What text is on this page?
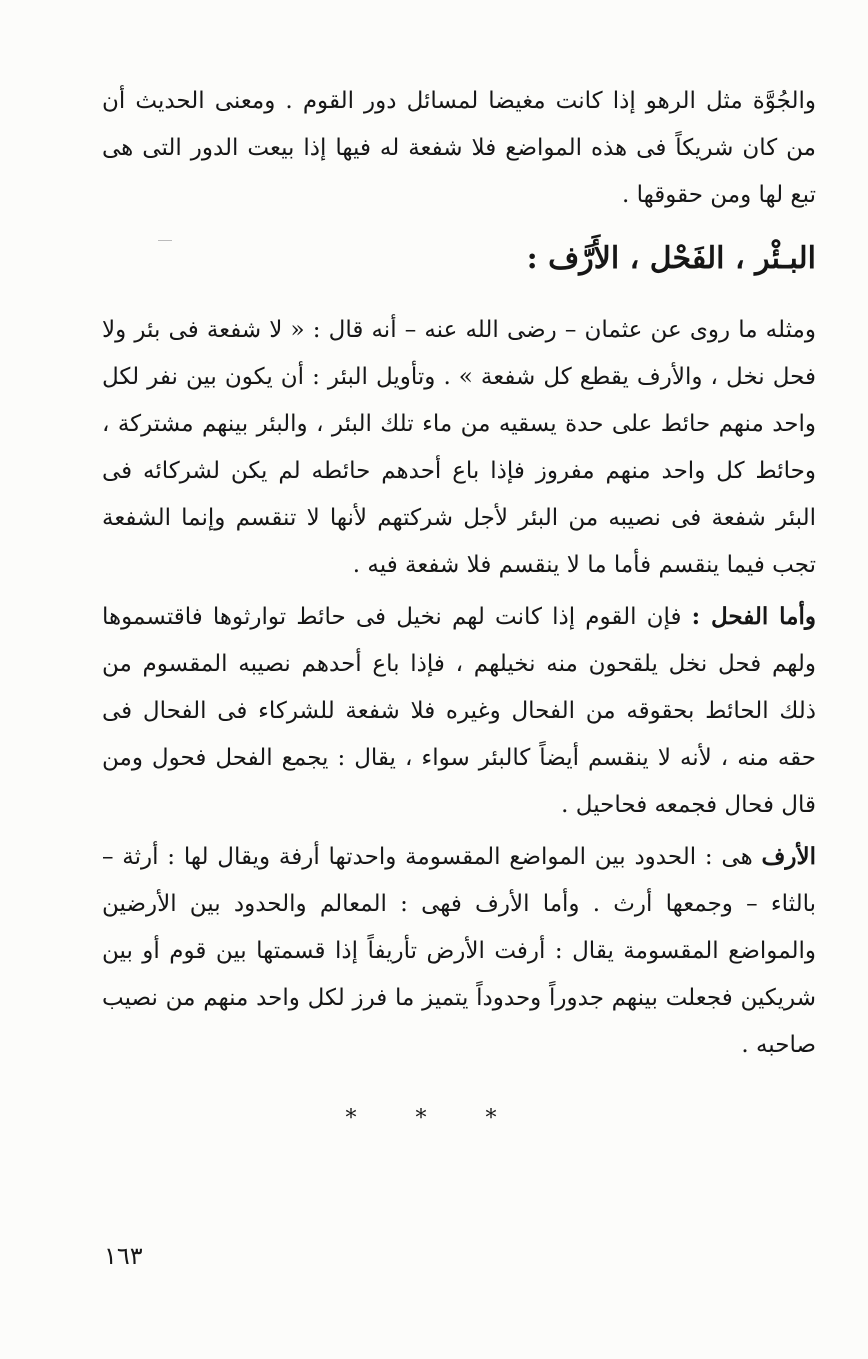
والجُوَّة مثل الرهو إذا كانت مغيضا لمسائل دور القوم . ومعنى الحديث أن من كان شريكاً فى هذه المواضع فلا شفعة له فيها إذا بيعت الدور التى هى تبع لها ومن حقوقها .

البـئْر ، الفَحْل ، الأَرَّف :

ومثله ما روى عن عثمان – رضى الله عنه – أنه قال : « لا شفعة فى بئر ولا فحل نخل ، والأرف يقطع كل شفعة » . وتأويل البئر : أن يكون بين نفر لكل واحد منهم حائط على حدة يسقيه من ماء تلك البئر ، والبئر بينهم مشتركة ، وحائط كل واحد منهم مفروز فإذا باع أحدهم حائطه لم يكن لشركائه فى البئر شفعة فى نصيبه من البئر لأجل شركتهم لأنها لا تنقسم وإنما الشفعة تجب فيما ينقسم فأما ما لا ينقسم فلا شفعة فيه .

وأما الفحل : فإن القوم إذا كانت لهم نخيل فى حائط توارثوها فاقتسموها ولهم فحل نخل يلقحون منه نخيلهم ، فإذا باع أحدهم نصيبه المقسوم من ذلك الحائط بحقوقه من الفحال وغيره فلا شفعة للشركاء فى الفحال فى حقه منه ، لأنه لا ينقسم أيضاً كالبئر سواء ، يقال : يجمع الفحل فحول ومن قال فحال فجمعه فحاحيل .

الأرف هى : الحدود بين المواضع المقسومة واحدتها أرفة ويقال لها : أرثة – بالثاء – وجمعها أرث . وأما الأرف فهى : المعالم والحدود بين الأرضين والمواضع المقسومة يقال : أرفت الأرض تأريفاً إذا قسمتها بين قوم أو بين شريكين فجعلت بينهم جدوراً وحدوداً يتميز ما فرز لكل واحد منهم من نصيب صاحبه .

* * *
١٦٣
